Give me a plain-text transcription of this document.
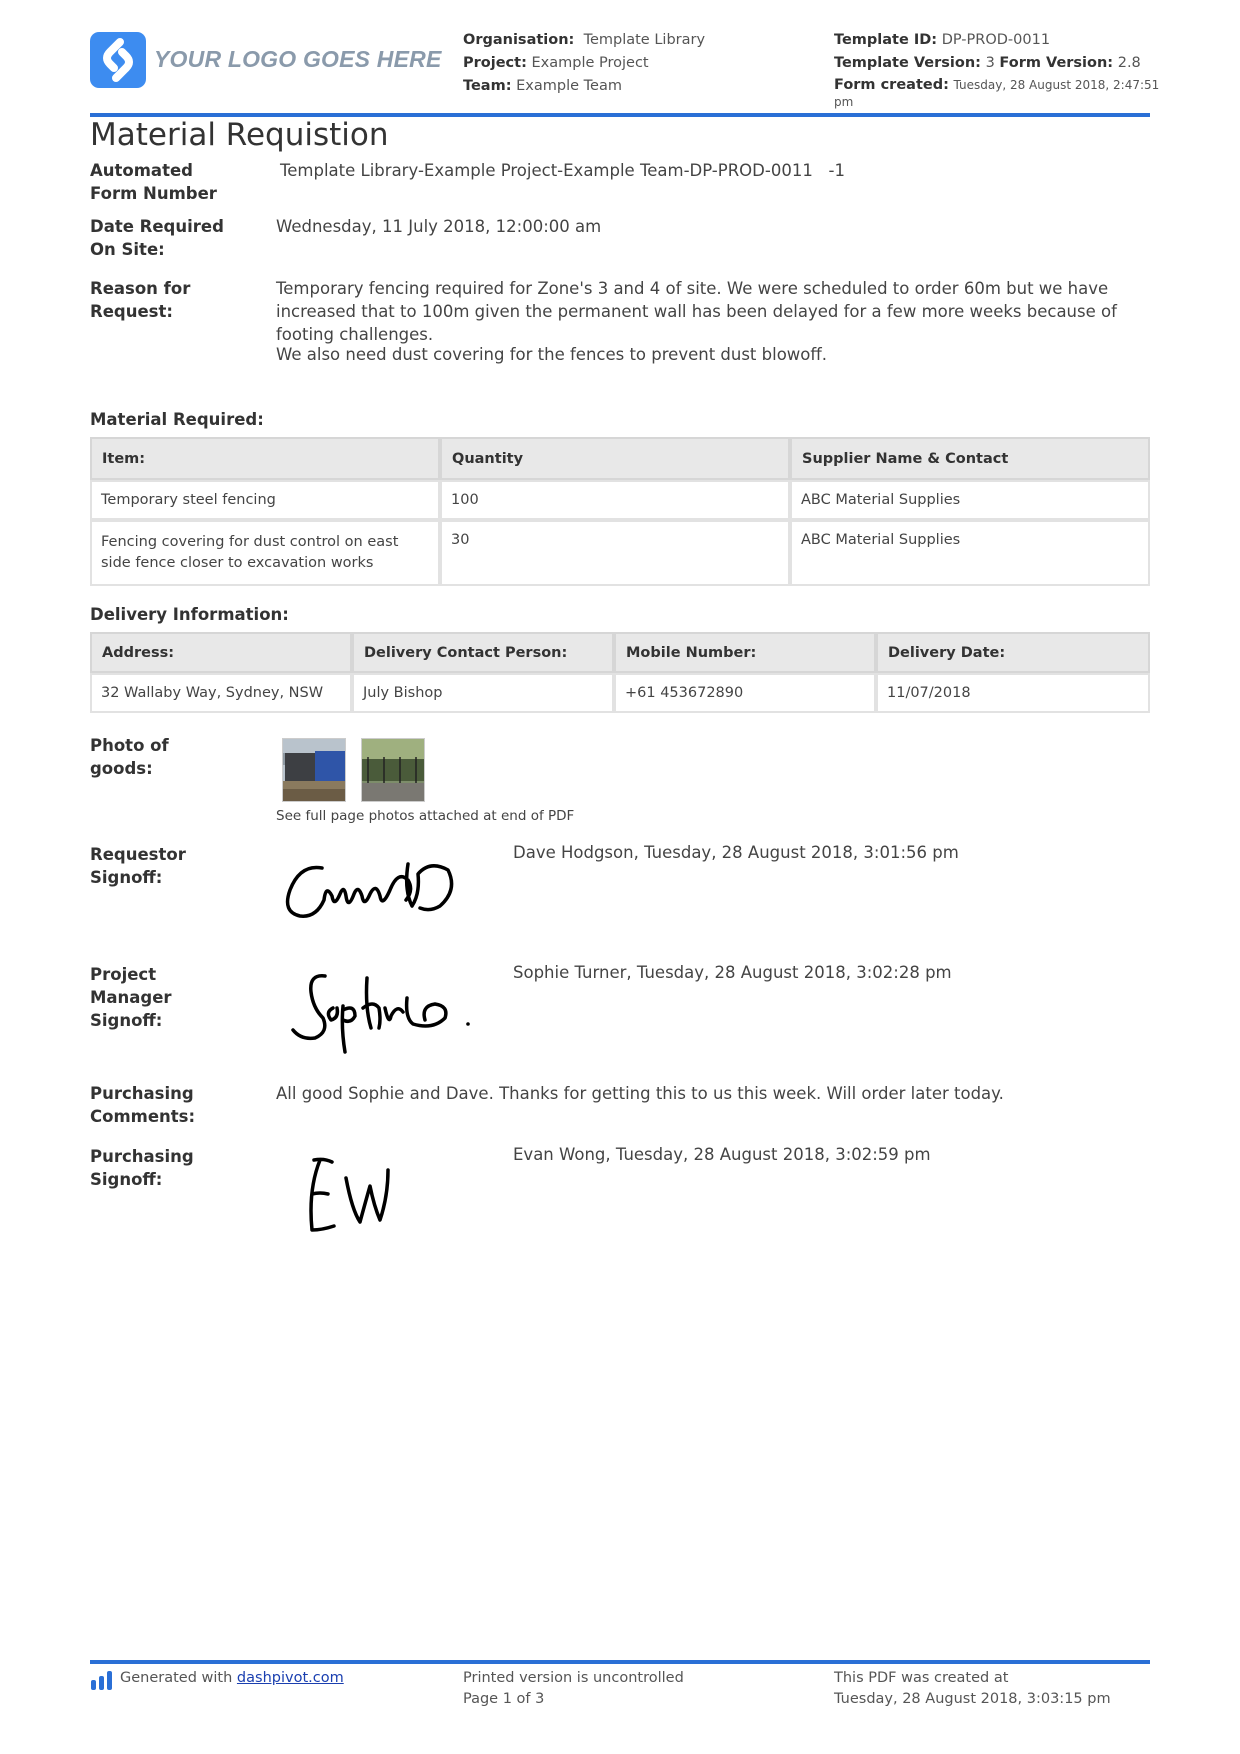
YOUR LOGO GOES HERE
Organisation: Template Library
Project: Example Project
Team: Example Team
Template ID: DP-PROD-0011
Template Version: 3 Form Version: 2.8
Form created: Tuesday, 28 August 2018, 2:47:51
pm
Material Requistion
Automated
Form Number
Template Library-Example Project-Example Team-DP-PROD-0011   -1
Date Required
On Site:
Wednesday, 11 July 2018, 12:00:00 am
Reason for
Request:
Temporary fencing required for Zone's 3 and 4 of site. We were scheduled to order 60m but we have increased that to 100m given the permanent wall has been delayed for a few more weeks because of footing challenges.
We also need dust covering for the fences to prevent dust blowoff.
Material Required:
Item:	Quantity	Supplier Name & Contact
Temporary steel fencing	100	ABC Material Supplies
Fencing covering for dust control on east side fence closer to excavation works	30	ABC Material Supplies
Delivery Information:
Address:	Delivery Contact Person:	Mobile Number:	Delivery Date:
32 Wallaby Way, Sydney, NSW	July Bishop	+61 453672890	11/07/2018
Photo of
goods:
See full page photos attached at end of PDF
Requestor
Signoff:
Dave Hodgson, Tuesday, 28 August 2018, 3:01:56 pm
Project
Manager
Signoff:
Sophie Turner, Tuesday, 28 August 2018, 3:02:28 pm
Purchasing
Comments:
All good Sophie and Dave. Thanks for getting this to us this week. Will order later today.
Purchasing
Signoff:
Evan Wong, Tuesday, 28 August 2018, 3:02:59 pm
Generated with dashpivot.com	Printed version is uncontrolled
Page 1 of 3
This PDF was created at
Tuesday, 28 August 2018, 3:03:15 pm
